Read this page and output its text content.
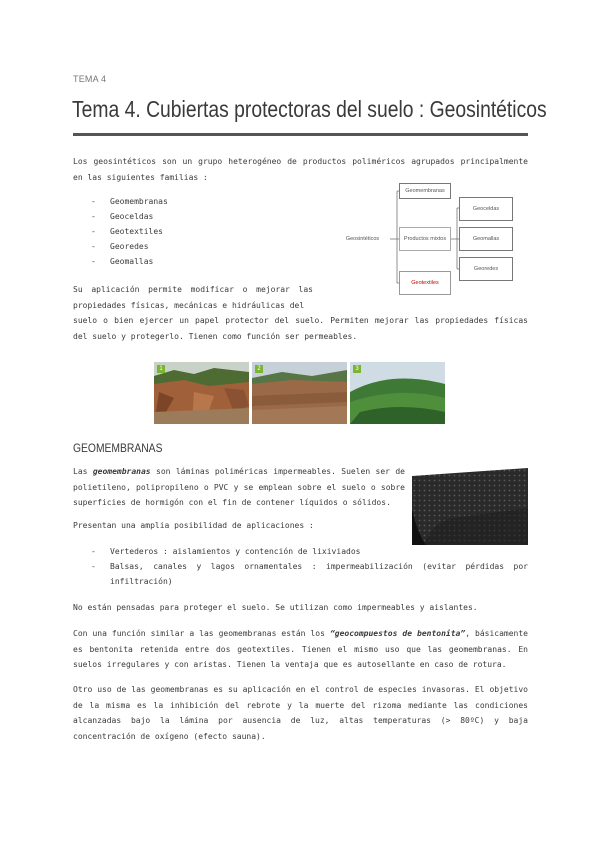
TEMA 4
Tema 4. Cubiertas protectoras del suelo : Geosintéticos

Los geosintéticos son un grupo heterogéneo de productos poliméricos agrupados principalmente en las siguientes familias :

- Geomembranas
- Geoceldas
- Geotextiles
- Georedes
- Geomallas
Geosintéticos
Geomembranas
Productos mixtos
Geotextiles
Geoceldas
Geomallas
Georedes

Su aplicación permite modificar o mejorar las propiedades físicas, mecánicas e hidráulicas del

suelo o bien ejercer un papel protector del suelo. Permiten mejorar las propiedades físicas del suelo y protegerlo. Tienen como función ser permeables.

1	2	3
GEOMEMBRANAS

Las geomembranas son láminas poliméricas impermeables. Suelen ser de polietileno, polipropileno o PVC y se emplean sobre el suelo o sobre superficies de hormigón con el fin de contener líquidos o sólidos.

Presentan una amplia posibilidad de aplicaciones :

- Vertederos : aislamientos y contención de lixiviados
- Balsas, canales y lagos ornamentales : impermeabilización (evitar pérdidas por infiltración)

No están pensadas para proteger el suelo. Se utilizan como impermeables y aislantes.

Con una función similar a las geomembranas están los “geocompuestos de bentonita”, básicamente es bentonita retenida entre dos geotextiles. Tienen el mismo uso que las geomembranas. En suelos irregulares y con aristas. Tienen la ventaja que es autosellante en caso de rotura.

Otro uso de las geomembranas es su aplicación en el control de especies invasoras. El objetivo de la misma es la inhibición del rebrote y la muerte del rizoma mediante las condiciones alcanzadas bajo la lámina por ausencia de luz, altas temperaturas (> 80ºC) y baja concentración de oxígeno (efecto sauna).
